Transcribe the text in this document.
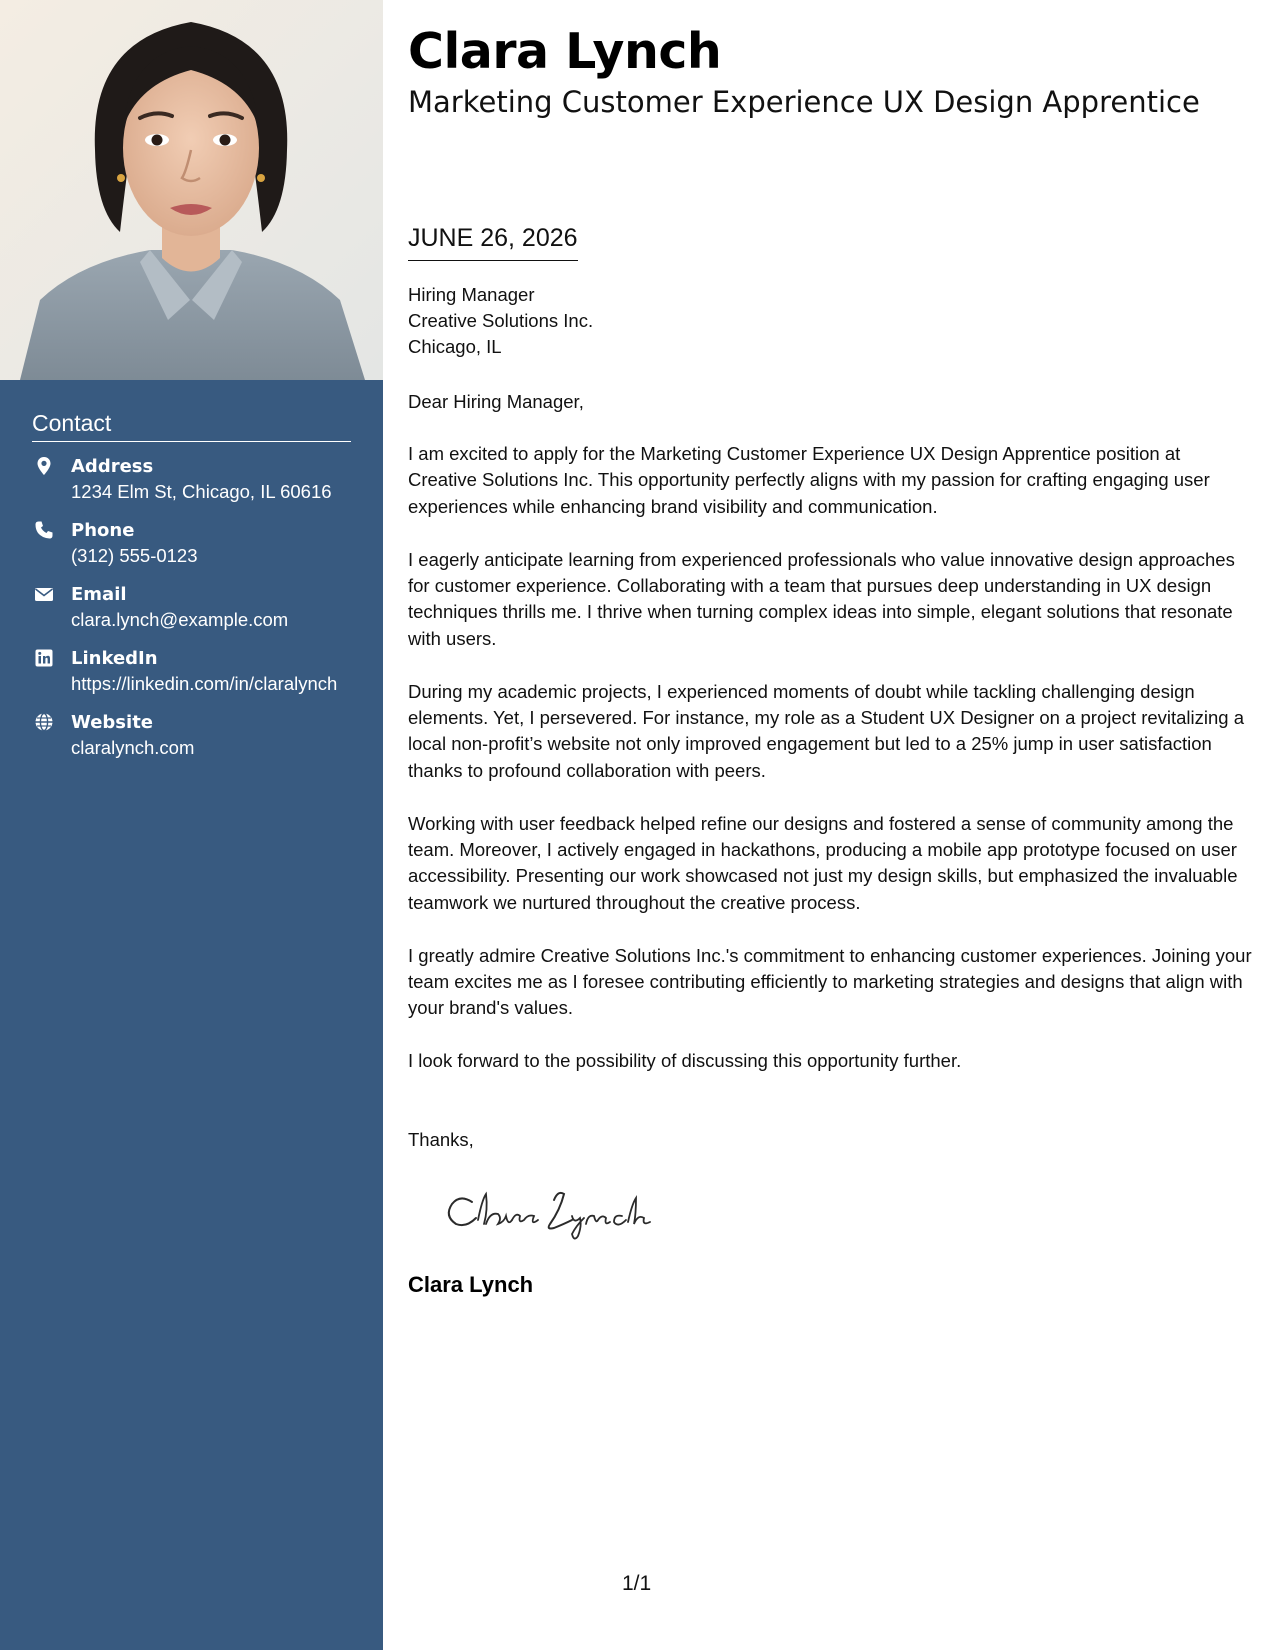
Contact
Address
1234 Elm St, Chicago, IL 60616
Phone
(312) 555-0123
Email
clara.lynch@example.com
LinkedIn
https://linkedin.com/in/claralynch
Website
claralynch.com
Clara Lynch
Marketing Customer Experience UX Design Apprentice
JUNE 26, 2026
Hiring Manager
Creative Solutions Inc.
Chicago, IL
Dear Hiring Manager,

I am excited to apply for the Marketing Customer Experience UX Design Apprentice position at Creative Solutions Inc. This opportunity perfectly aligns with my passion for crafting engaging user experiences while enhancing brand visibility and communication.

I eagerly anticipate learning from experienced professionals who value innovative design approaches for customer experience. Collaborating with a team that pursues deep understanding in UX design techniques thrills me. I thrive when turning complex ideas into simple, elegant solutions that resonate with users.

During my academic projects, I experienced moments of doubt while tackling challenging design elements. Yet, I persevered. For instance, my role as a Student UX Designer on a project revitalizing a local non-profit’s website not only improved engagement but led to a 25% jump in user satisfaction thanks to profound collaboration with peers.

Working with user feedback helped refine our designs and fostered a sense of community among the team. Moreover, I actively engaged in hackathons, producing a mobile app prototype focused on user accessibility. Presenting our work showcased not just my design skills, but emphasized the invaluable teamwork we nurtured throughout the creative process.

I greatly admire Creative Solutions Inc.'s commitment to enhancing customer experiences. Joining your team excites me as I foresee contributing efficiently to marketing strategies and designs that align with your brand's values.

I look forward to the possibility of discussing this opportunity further.

Thanks,
Clara Lynch
1/1
